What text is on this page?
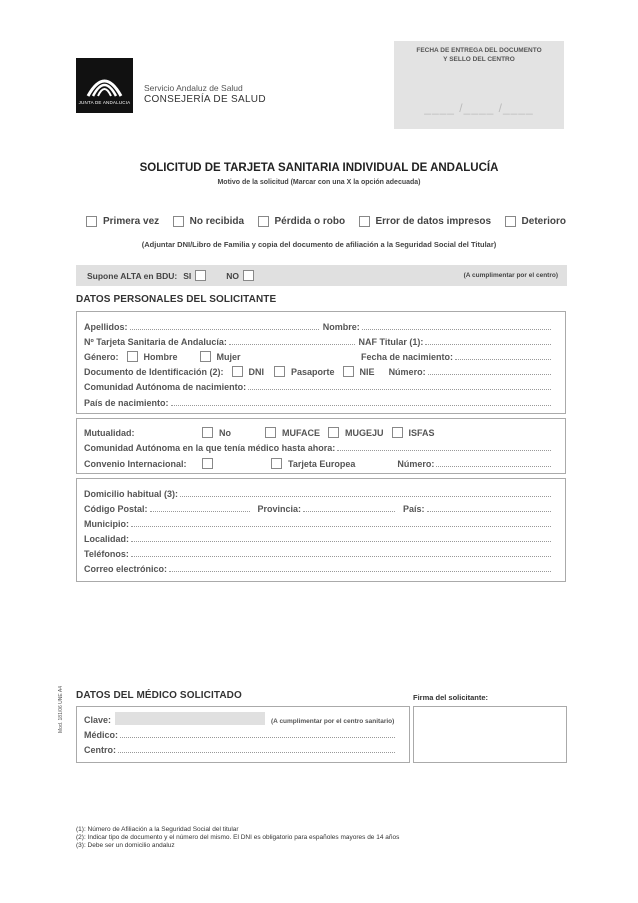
JUNTA DE ANDALUCIA
Servicio Andaluz de Salud
CONSEJERÍA DE SALUD
FECHA DE ENTREGA DEL DOCUMENTO
Y SELLO DEL CENTRO
____ /____ /____
SOLICITUD DE TARJETA SANITARIA INDIVIDUAL DE ANDALUCÍA
Motivo de la solicitud (Marcar con una X la opción adecuada)
Primera vez	No recibida	Pérdida o robo	Error de datos impresos	Deterioro
(Adjuntar DNI/Libro de Familia y copia del documento de afiliación a la Seguridad Social del Titular)
Supone ALTA en BDU: SI	NO	(A cumplimentar por el centro)
DATOS PERSONALES DEL SOLICITANTE
Apellidos:	Nombre:
Nº Tarjeta Sanitaria de Andalucía:	NAF Titular (1):
Género:	Hombre	Mujer	Fecha de nacimiento:
Documento de Identificación (2):	DNI	Pasaporte	NIE Número:
Comunidad Autónoma de nacimiento:
País de nacimiento:
Mutualidad:	No	MUFACE	MUGEJU	ISFAS
Comunidad Autónoma en la que tenía médico hasta ahora:
Convenio Internacional:	Tarjeta Europea	Número:
Domicilio habitual (3):
Código Postal:	Provincia:	País:
Municipio:
Localidad:
Teléfonos:
Correo electrónico:
DATOS DEL MÉDICO SOLICITADO	Firma del solicitante:
Clave:	(A cumplimentar por el centro sanitario)
Médico:
Centro:
Mod. 181/06 UNE A4
(1): Número de Afiliación a la Seguridad Social del titular
(2): Indicar tipo de documento y el número del mismo. El DNI es obligatorio para españoles mayores de 14 años
(3): Debe ser un domicilio andaluz
